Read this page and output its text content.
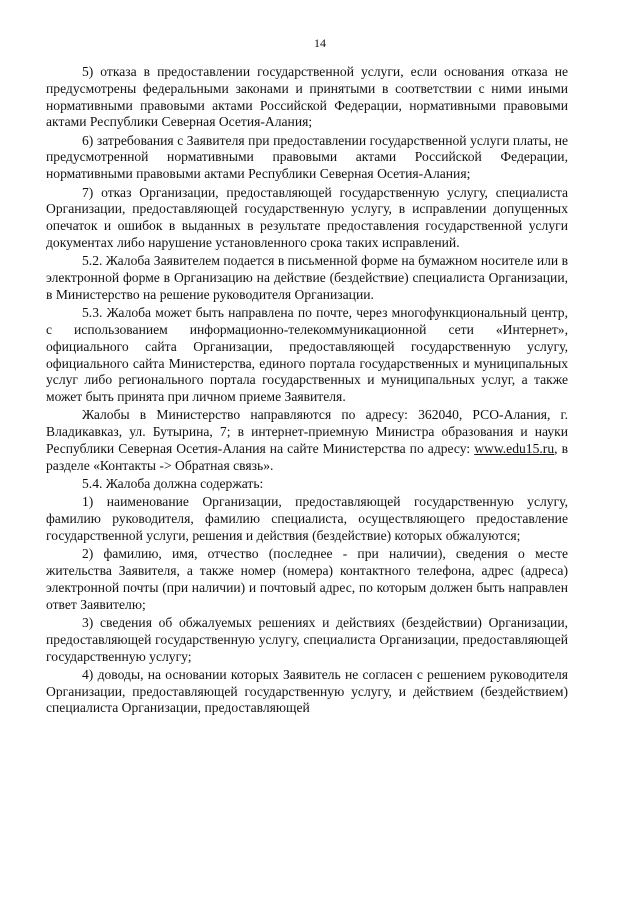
14

5) отказа в предоставлении государственной услуги, если основания отказа не предусмотрены федеральными законами и принятыми в соответствии с ними иными нормативными правовыми актами Российской Федерации, нормативными правовыми актами Республики Северная Осетия-Алания;

6) затребования с Заявителя при предоставлении государственной услуги платы, не предусмотренной нормативными правовыми актами Российской Федерации, нормативными правовыми актами Республики Северная Осетия-Алания;

7) отказ Организации, предоставляющей государственную услугу, специалиста Организации, предоставляющей государственную услугу, в исправлении допущенных опечаток и ошибок в выданных в результате предоставления государственной услуги документах либо нарушение установленного срока таких исправлений.

5.2. Жалоба Заявителем подается в письменной форме на бумажном носителе или в электронной форме в Организацию на действие (бездействие) специалиста Организации, в Министерство на решение руководителя Организации.

5.3. Жалоба может быть направлена по почте, через многофункциональный центр, с использованием информационно-телекоммуникационной сети «Интернет», официального сайта Организации, предоставляющей государственную услугу, официального сайта Министерства, единого портала государственных и муниципальных услуг либо регионального портала государственных и муниципальных услуг, а также может быть принята при личном приеме Заявителя.

Жалобы в Министерство направляются по адресу: 362040, РСО-Алания, г. Владикавказ, ул. Бутырина, 7; в интернет-приемную Министра образования и науки Республики Северная Осетия-Алания на сайте Министерства по адресу: www.edu15.ru, в разделе «Контакты -> Обратная связь».

5.4. Жалоба должна содержать:

1) наименование Организации, предоставляющей государственную услугу, фамилию руководителя, фамилию специалиста, осуществляющего предоставление государственной услуги, решения и действия (бездействие) которых обжалуются;

2) фамилию, имя, отчество (последнее - при наличии), сведения о месте жительства Заявителя, а также номер (номера) контактного телефона, адрес (адреса) электронной почты (при наличии) и почтовый адрес, по которым должен быть направлен ответ Заявителю;

3) сведения об обжалуемых решениях и действиях (бездействии) Организации, предоставляющей государственную услугу, специалиста Организации, предоставляющей государственную услугу;

4) доводы, на основании которых Заявитель не согласен с решением руководителя Организации, предоставляющей государственную услугу, и действием (бездействием) специалиста Организации, предоставляющей
